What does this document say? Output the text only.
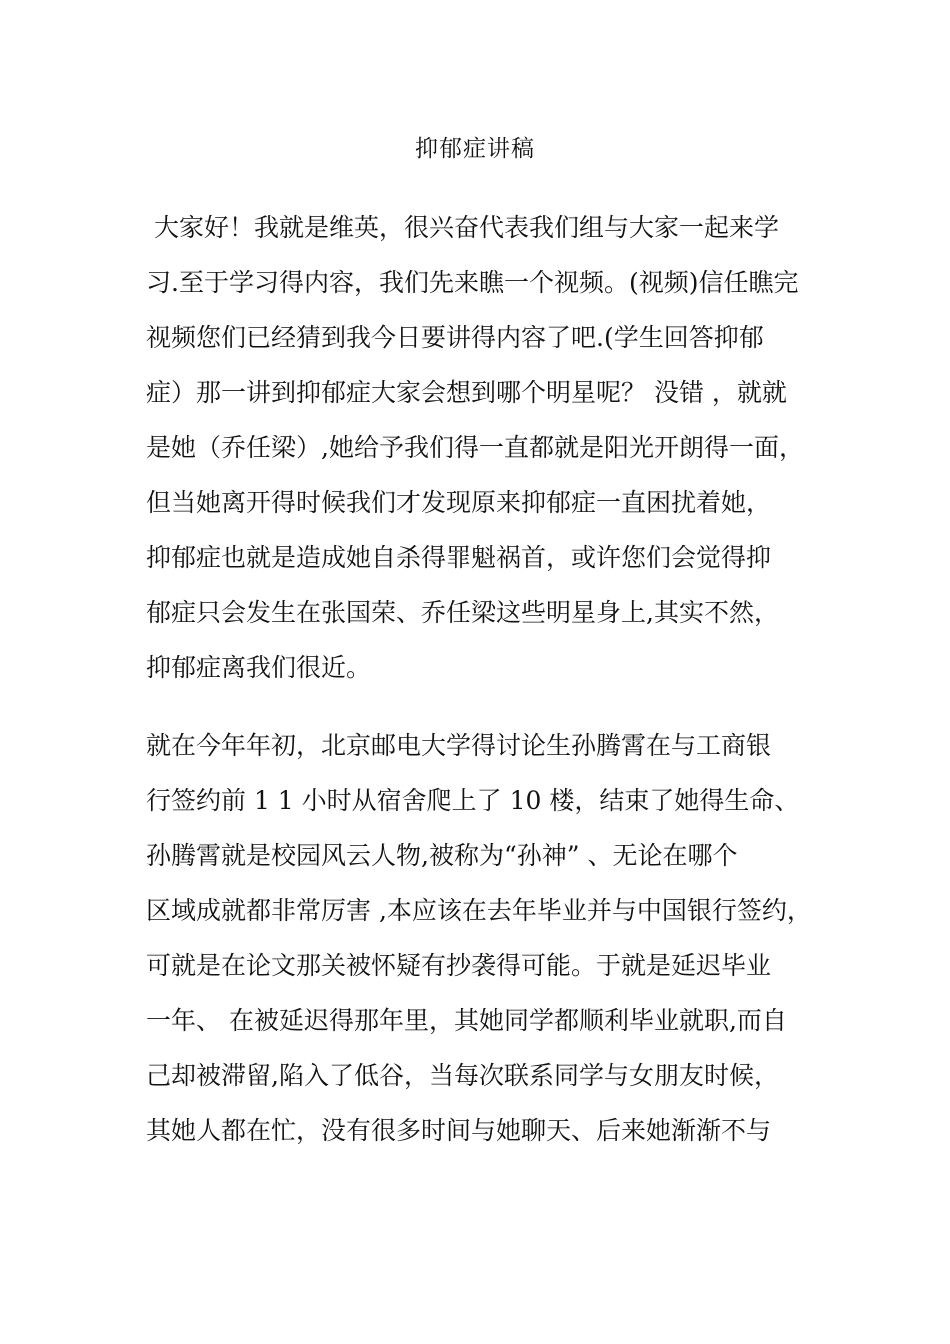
抑郁症讲稿
大家好！我就是维英，很兴奋代表我们组与大家一起来学
习.至于学习得内容，我们先来瞧一个视频。(视频)信任瞧完
视频您们已经猜到我今日要讲得内容了吧.(学生回答抑郁
症）那一讲到抑郁症大家会想到哪个明星呢？ 没错 ，就就
是她（乔任梁）,她给予我们得一直都就是阳光开朗得一面，
但当她离开得时候我们才发现原来抑郁症一直困扰着她，
抑郁症也就是造成她自杀得罪魁祸首，或许您们会觉得抑
郁症只会发生在张国荣、乔任梁这些明星身上,其实不然，
抑郁症离我们很近。
就在今年年初，北京邮电大学得讨论生孙腾霄在与工商银
行签约前 1 1 小时从宿舍爬上了 10 楼，结束了她得生命、
孙腾霄就是校园风云人物,被称为“孙神” 、无论在哪个
区域成就都非常厉害 ,本应该在去年毕业并与中国银行签约，
可就是在论文那关被怀疑有抄袭得可能。于就是延迟毕业
一年、 在被延迟得那年里，其她同学都顺利毕业就职,而自
己却被滞留,陷入了低谷，当每次联系同学与女朋友时候，
其她人都在忙，没有很多时间与她聊天、后来她渐渐不与
